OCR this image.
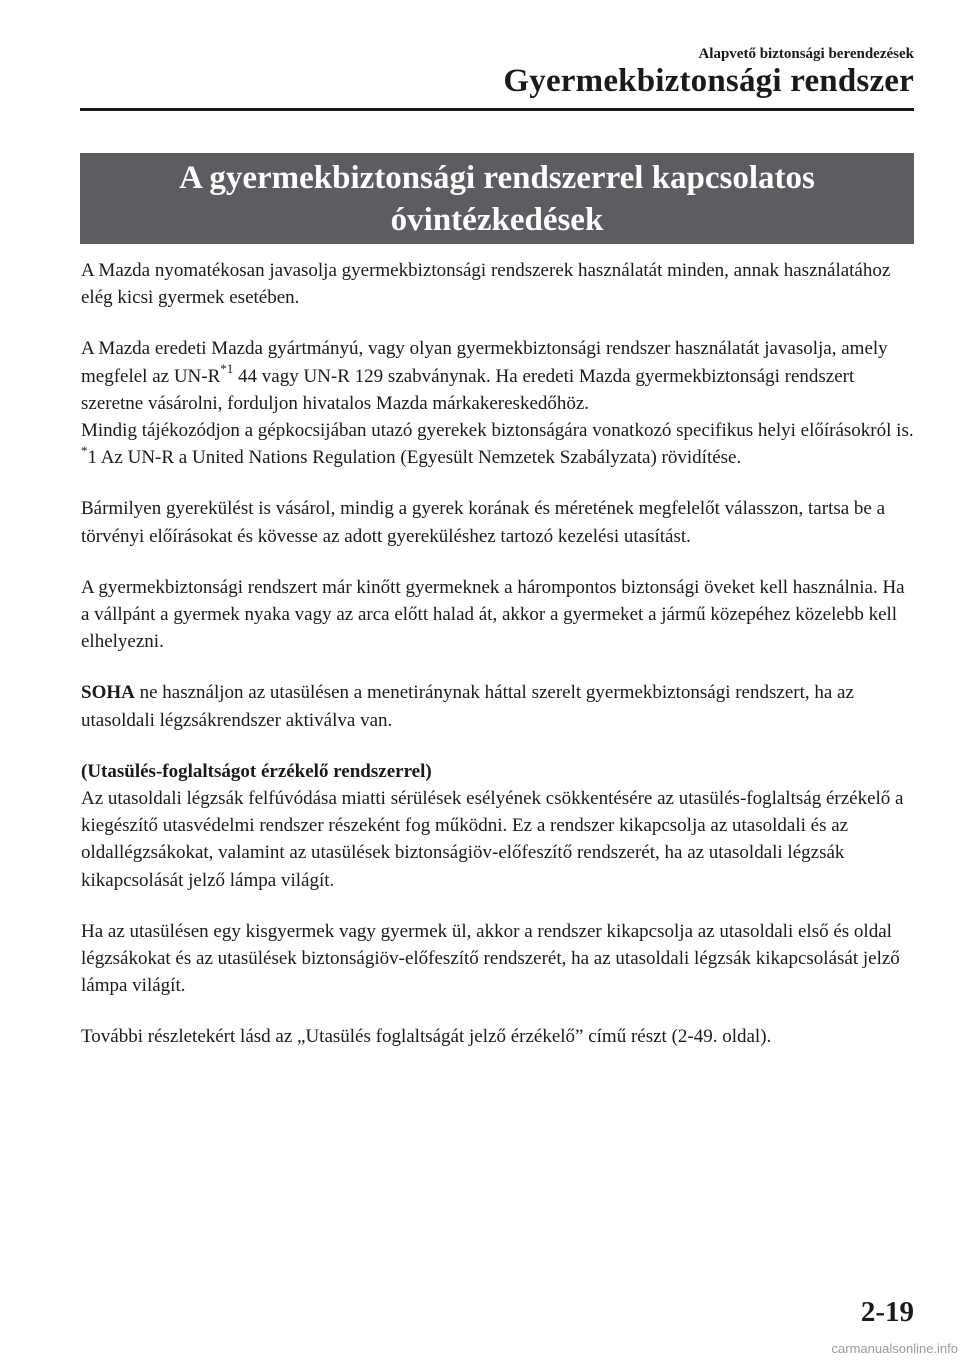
Alapvető biztonsági berendezések
Gyermekbiztonsági rendszer
A gyermekbiztonsági rendszerrel kapcsolatos
óvintézkedések

A Mazda nyomatékosan javasolja gyermekbiztonsági rendszerek használatát minden, annak használatához elég kicsi gyermek esetében.

A Mazda eredeti Mazda gyártmányú, vagy olyan gyermekbiztonsági rendszer használatát javasolja, amely megfelel az $UN-R^{*1}$ 44 vagy UN-R 129 szabványnak. Ha eredeti Mazda gyermekbiztonsági rendszert szeretne vásárolni, forduljon hivatalos Mazda márkakereskedőhöz.

Mindig tájékozódjon a gépkocsijában utazó gyerekek biztonságára vonatkozó specifikus helyi előírásokról is.

*1 Az UN-R a United Nations Regulation (Egyesült Nemzetek Szabályzata) rövidítése.

Bármilyen gyerekülést is vásárol, mindig a gyerek korának és méretének megfelelőt válasszon, tartsa be a törvényi előírásokat és kövesse az adott gyereküléshez tartozó kezelési utasítást.

A gyermekbiztonsági rendszert már kinőtt gyermeknek a hárompontos biztonsági öveket kell használnia. Ha a vállpánt a gyermek nyaka vagy az arca előtt halad át, akkor a gyermeket a jármű közepéhez közelebb kell elhelyezni.

SOHA ne használjon az utasülésen a menetiránynak háttal szerelt gyermekbiztonsági rendszert, ha az utasoldali légzsákrendszer aktiválva van.

(Utasülés-foglaltságot érzékelő rendszerrel)
Az utasoldali légzsák felfúvódása miatti sérülések esélyének csökkentésére az utasülés-foglaltság érzékelő a kiegészítő utasvédelmi rendszer részeként fog működni. Ez a rendszer kikapcsolja az utasoldali és az oldallégzsákokat, valamint az utasülések biztonságiöv-előfeszítő rendszerét, ha az utasoldali légzsák kikapcsolását jelző lámpa világít.

Ha az utasülésen egy kisgyermek vagy gyermek ül, akkor a rendszer kikapcsolja az utasoldali első és oldal légzsákokat és az utasülések biztonságiöv-előfeszítő rendszerét, ha az utasoldali légzsák kikapcsolását jelző lámpa világít.

További részletekért lásd az „Utasülés foglaltságát jelző érzékelő” című részt (2-49. oldal).

2-19
carmanualsonline.info
